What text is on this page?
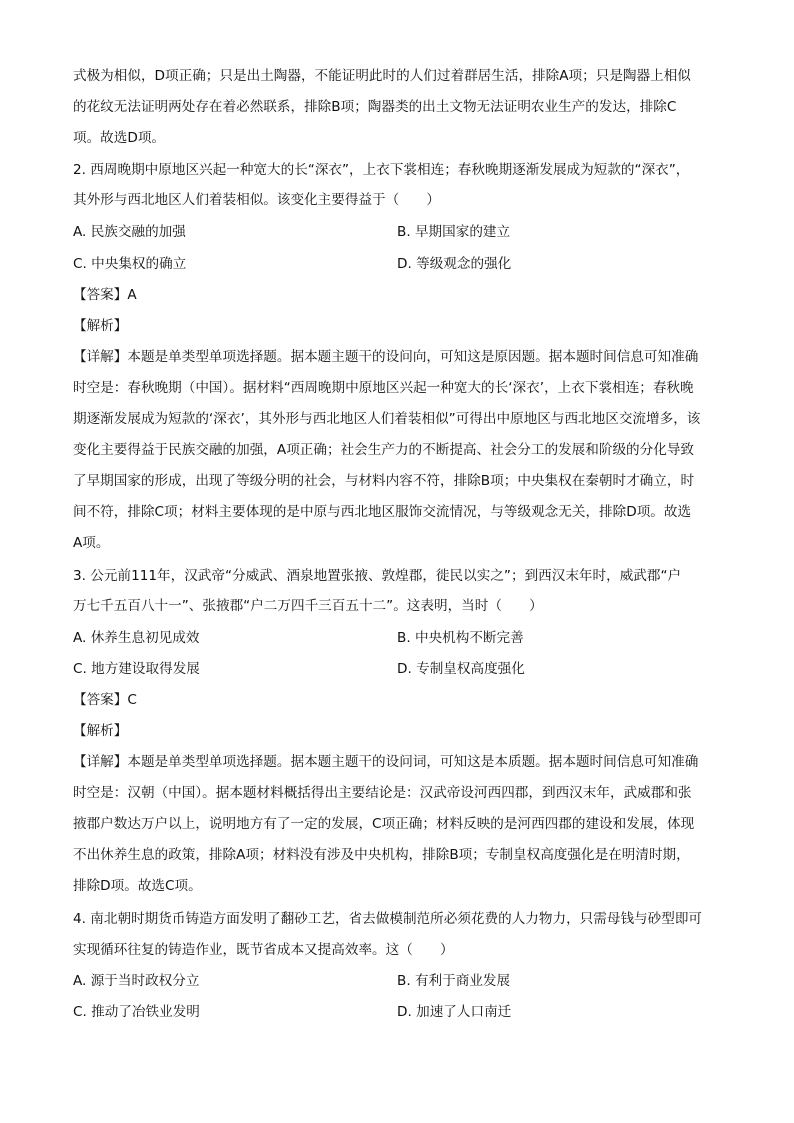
式极为相似，D项正确；只是出土陶器，不能证明此时的人们过着群居生活，排除A项；只是陶器上相似
的花纹无法证明两处存在着必然联系，排除B项；陶器类的出土文物无法证明农业生产的发达，排除C
项。故选D项。
2. 西周晚期中原地区兴起一种宽大的长“深衣”，上衣下裳相连；春秋晚期逐渐发展成为短款的“深衣”，
其外形与西北地区人们着装相似。该变化主要得益于（　　）
A. 民族交融的加强	B. 早期国家的建立
C. 中央集权的确立	D. 等级观念的强化
【答案】A
【解析】
【详解】本题是单类型单项选择题。据本题主题干的设问向，可知这是原因题。据本题时间信息可知准确
时空是：春秋晚期（中国）。据材料“西周晚期中原地区兴起一种宽大的长‘深衣’，上衣下裳相连；春秋晚
期逐渐发展成为短款的‘深衣’，其外形与西北地区人们着装相似”可得出中原地区与西北地区交流增多，该
变化主要得益于民族交融的加强，A项正确；社会生产力的不断提高、社会分工的发展和阶级的分化导致
了早期国家的形成，出现了等级分明的社会，与材料内容不符，排除B项；中央集权在秦朝时才确立，时
间不符，排除C项；材料主要体现的是中原与西北地区服饰交流情况，与等级观念无关，排除D项。故选
A项。
3. 公元前111年，汉武帝“分威武、酒泉地置张掖、敦煌郡，徙民以实之”；到西汉末年时，威武郡“户
万七千五百八十一”、张掖郡“户二万四千三百五十二”。这表明，当时（　　）
A. 休养生息初见成效	B. 中央机构不断完善
C. 地方建设取得发展	D. 专制皇权高度强化
【答案】C
【解析】
【详解】本题是单类型单项选择题。据本题主题干的设问词，可知这是本质题。据本题时间信息可知准确
时空是：汉朝（中国）。据本题材料概括得出主要结论是：汉武帝设河西四郡，到西汉末年，武威郡和张
掖郡户数达万户以上，说明地方有了一定的发展，C项正确；材料反映的是河西四郡的建设和发展，体现
不出休养生息的政策，排除A项；材料没有涉及中央机构，排除B项；专制皇权高度强化是在明清时期，
排除D项。故选C项。
4. 南北朝时期货币铸造方面发明了翻砂工艺，省去做模制范所必须花费的人力物力，只需母钱与砂型即可
实现循环往复的铸造作业，既节省成本又提高效率。这（　　）
A. 源于当时政权分立	B. 有利于商业发展
C. 推动了冶铁业发明	D. 加速了人口南迁
